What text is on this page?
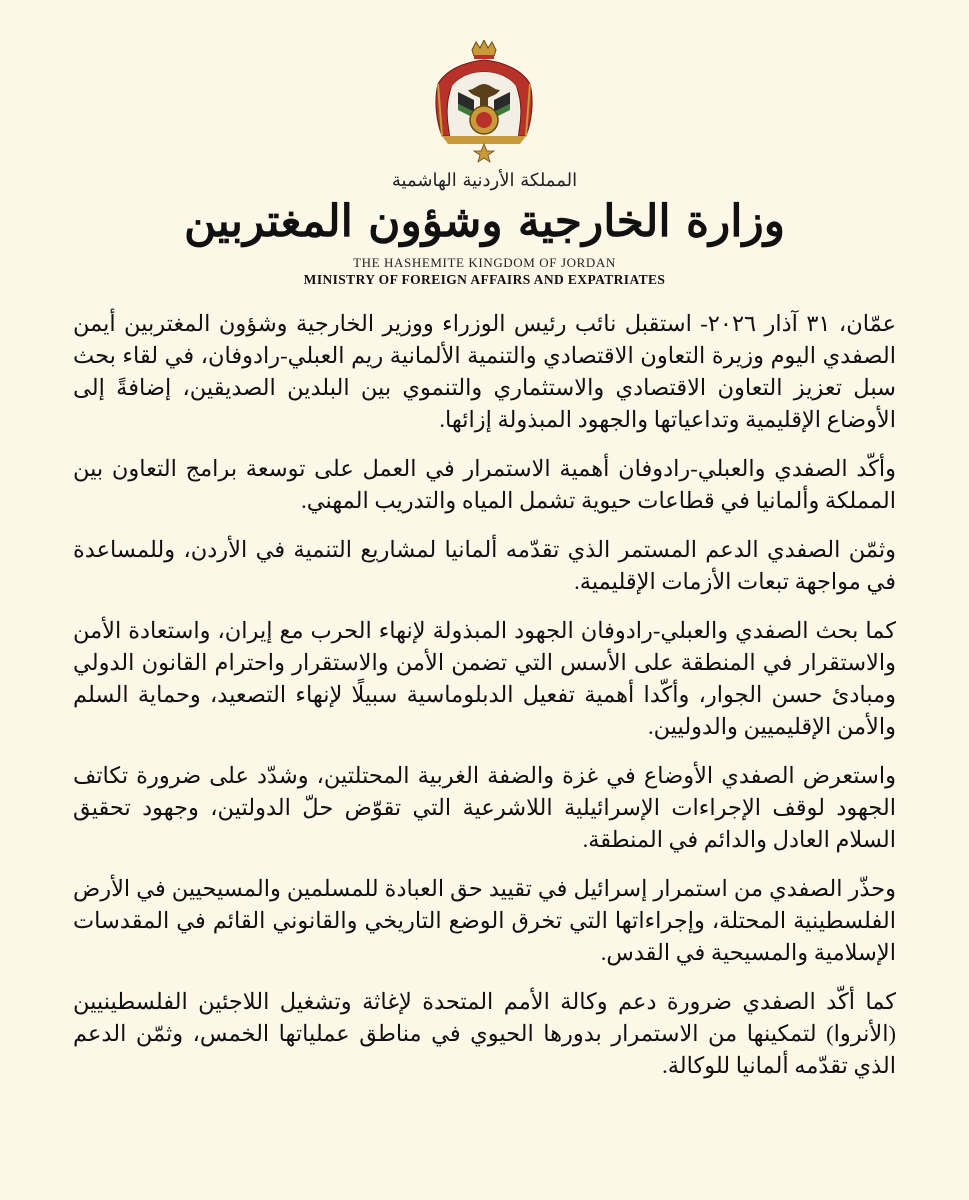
المملكة الأردنية الهاشمية
وزارة الخارجية وشؤون المغتربين
THE HASHEMITE KINGDOM OF JORDAN
MINISTRY OF FOREIGN AFFAIRS AND EXPATRIATES

عمّان، ٣١ آذار ٢٠٢٦- استقبل نائب رئيس الوزراء ووزير الخارجية وشؤون المغتربين أيمن الصفدي اليوم وزيرة التعاون الاقتصادي والتنمية الألمانية ريم العبلي-رادوفان، في لقاء بحث سبل تعزيز التعاون الاقتصادي والاستثماري والتنموي بين البلدين الصديقين، إضافةً إلى الأوضاع الإقليمية وتداعياتها والجهود المبذولة إزائها.

وأكّد الصفدي والعبلي-رادوفان أهمية الاستمرار في العمل على توسعة برامج التعاون بين المملكة وألمانيا في قطاعات حيوية تشمل المياه والتدريب المهني.

وثمّن الصفدي الدعم المستمر الذي تقدّمه ألمانيا لمشاريع التنمية في الأردن، وللمساعدة في مواجهة تبعات الأزمات الإقليمية.

كما بحث الصفدي والعبلي-رادوفان الجهود المبذولة لإنهاء الحرب مع إيران، واستعادة الأمن والاستقرار في المنطقة على الأسس التي تضمن الأمن والاستقرار واحترام القانون الدولي ومبادئ حسن الجوار، وأكّدا أهمية تفعيل الدبلوماسية سبيلًا لإنهاء التصعيد، وحماية السلم والأمن الإقليميين والدوليين.

واستعرض الصفدي الأوضاع في غزة والضفة الغربية المحتلتين، وشدّد على ضرورة تكاتف الجهود لوقف الإجراءات الإسرائيلية اللاشرعية التي تقوّض حلّ الدولتين، وجهود تحقيق السلام العادل والدائم في المنطقة.

وحذّر الصفدي من استمرار إسرائيل في تقييد حق العبادة للمسلمين والمسيحيين في الأرض الفلسطينية المحتلة، وإجراءاتها التي تخرق الوضع التاريخي والقانوني القائم في المقدسات الإسلامية والمسيحية في القدس.

كما أكّد الصفدي ضرورة دعم وكالة الأمم المتحدة لإغاثة وتشغيل اللاجئين الفلسطينيين (الأنروا) لتمكينها من الاستمرار بدورها الحيوي في مناطق عملياتها الخمس، وثمّن الدعم الذي تقدّمه ألمانيا للوكالة.
